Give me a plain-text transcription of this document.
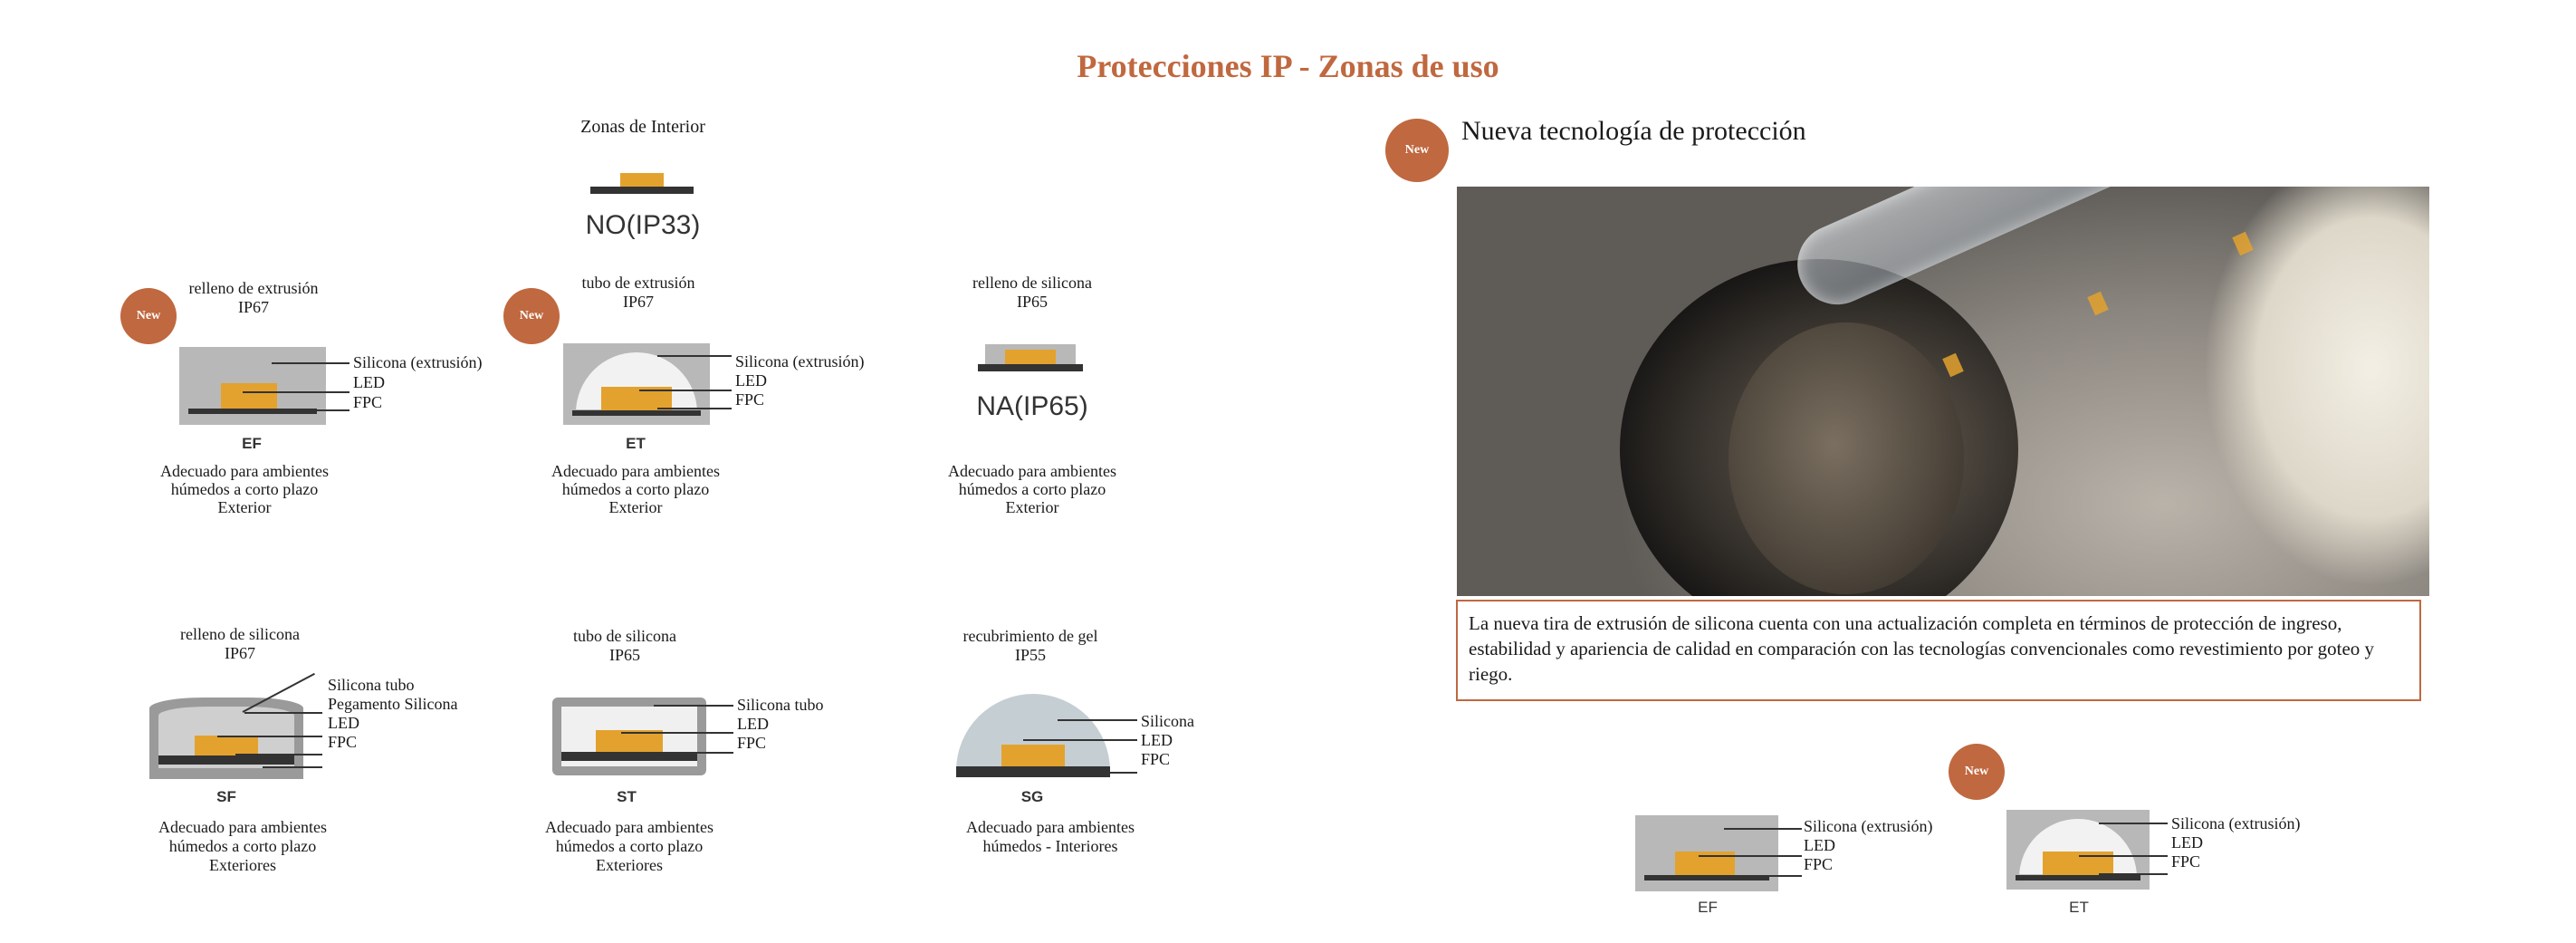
Protecciones IP - Zonas de uso
Zonas de Interior
NO(IP33)
New
relleno de extrusión
IP67
Silicona (extrusión)
LED
FPC
EF
Adecuado para ambientes
húmedos a corto plazo
Exterior
New
tubo de extrusión
IP67
Silicona (extrusión)
LED
FPC
ET
Adecuado para ambientes
húmedos a corto plazo
Exterior
relleno de silicona
IP65
NA(IP65)
Adecuado para ambientes
húmedos a corto plazo
Exterior
relleno de silicona
IP67
Silicona tubo
Pegamento Silicona
LED
FPC
SF
Adecuado para ambientes
húmedos a corto plazo
Exteriores
tubo de silicona
IP65
Silicona tubo
LED
FPC
ST
Adecuado para ambientes
húmedos a corto plazo
Exteriores
recubrimiento de gel
IP55
Silicona
LED
FPC
SG
Adecuado para ambientes
húmedos - Interiores
New
Nueva tecnología de protección
La nueva tira de extrusión de silicona cuenta con una actualización completa en términos de protección de ingreso, estabilidad y apariencia de calidad en comparación con las tecnologías convencionales como revestimiento por goteo y riego.
New
Silicona (extrusión)
LED
FPC
EF
Silicona (extrusión)
LED
FPC
ET
